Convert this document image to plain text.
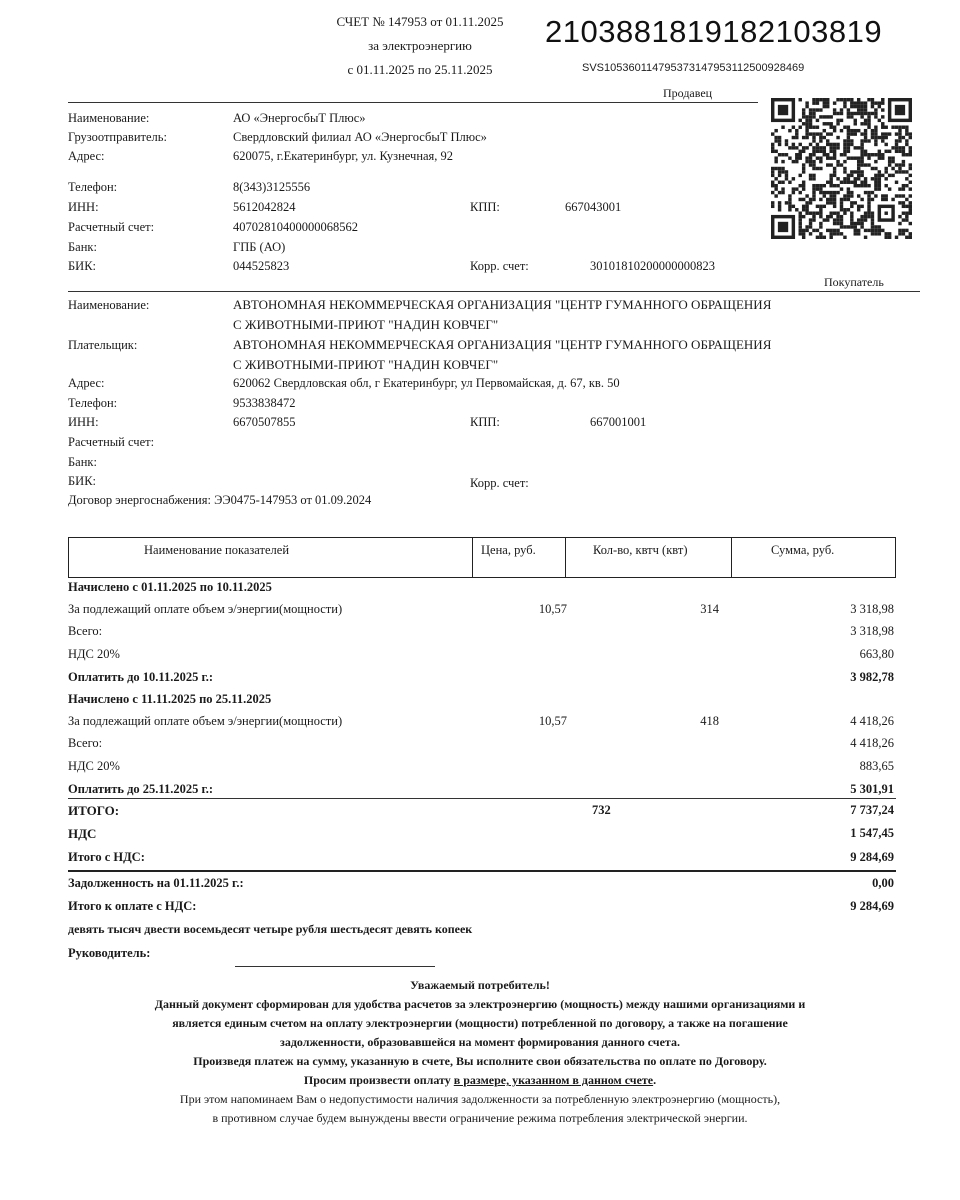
СЧЕТ № 147953 от 01.11.2025
за электроэнергию
с 01.11.2025 по 25.11.2025
2103881819182103819
SVS10536011479537314795311250092846​9
Продавец
Наименование:	АО «ЭнергосбыТ Плюс»
Грузоотправитель:	Свердловский филиал АО «ЭнергосбыТ Плюс»
Адрес:	620075, г.Екатеринбург, ул. Кузнечная, 92
Телефон:	8(343)3125556
ИНН:	5612042824	КПП:	667043001
Расчетный счет:	40702810400000068562
Банк:	ГПБ (АО)
БИК:	044525823	Корр. счет:	30101810200000000823
Покупатель
Наименование:	АВТОНОМНАЯ НЕКОММЕРЧЕСКАЯ ОРГАНИЗАЦИЯ "ЦЕНТР ГУМАННОГО ОБРАЩЕНИЯ
С ЖИВОТНЫМИ-ПРИЮТ "НАДИН КОВЧЕГ"
Плательщик:	АВТОНОМНАЯ НЕКОММЕРЧЕСКАЯ ОРГАНИЗАЦИЯ "ЦЕНТР ГУМАННОГО ОБРАЩЕНИЯ
С ЖИВОТНЫМИ-ПРИЮТ "НАДИН КОВЧЕГ"
Адрес:	620062 Свердловская обл, г Екатеринбург, ул Первомайская, д. 67, кв. 50
Телефон:	9533838472
ИНН:	6670507855	КПП:	667001001
Расчетный счет:
Банк:
БИК:	Корр. счет:
Договор энергоснабжения: ЭЭ0475-147953 от 01.09.2024
Наименование показателей	Цена, руб.	Кол-во, квтч (квт)	Сумма, руб.
Начислено с 01.11.2025 по 10.11.2025
За подлежащий оплате объем э/энергии(мощности)	10,57	314	3 318,98
Всего:	3 318,98
НДС 20%	663,80
Оплатить до 10.11.2025 г.:	3 982,78
Начислено с 11.11.2025 по 25.11.2025
За подлежащий оплате объем э/энергии(мощности)	10,57	418	4 418,26
Всего:	4 418,26
НДС 20%	883,65
Оплатить до 25.11.2025 г.:	5 301,91
ИТОГО:	732	7 737,24
НДС	1 547,45
Итого с НДС:	9 284,69
Задолженность на 01.11.2025 г.:	0,00
Итого к оплате с НДС:	9 284,69
девять тысяч двести восемьдесят четыре рубля шестьдесят девять копеек
Руководитель:
Уважаемый потребитель!
Данный документ сформирован для удобства расчетов за электроэнергию (мощность) между нашими организациями и
является единым счетом на оплату электроэнергии (мощности) потребленной по договору, а также на погашение
задолженности, образовавшейся на момент формирования данного счета.
Произведя платеж на сумму, указанную в счете, Вы исполните свои обязательства по оплате по Договору.
Просим произвести оплату в размере, указанном в данном счете.
При этом напоминаем Вам о недопустимости наличия задолженности за потребленную электроэнергию (мощность),
в противном случае будем вынуждены ввести ограничение режима потребления электрической энергии.
